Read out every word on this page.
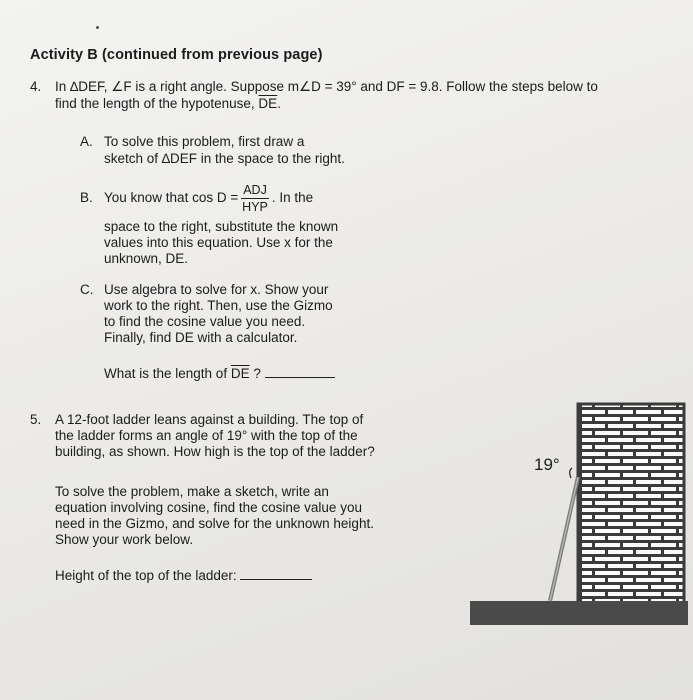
Activity B (continued from previous page)
4. In ∆DEF, ∠F is a right angle. Suppose m∠D = 39° and DF = 9.8. Follow the steps below to
find the length of the hypotenuse, $\overline{DE}$.
A. To solve this problem, first draw a
sketch of ∆DEF in the space to the right.
B. You know that $\cos D = \frac{\text{ADJ}}{\text{HYP}}$ . In the
space to the right, substitute the known
values into this equation. Use x for the
unknown, DE.
C. Use algebra to solve for x. Show your
work to the right. Then, use the Gizmo
to find the cosine value you need.
Finally, find DE with a calculator.
What is the length of $\overline{DE}$ ?
5. A 12-foot ladder leans against a building. The top of
the ladder forms an angle of 19° with the top of the
building, as shown. How high is the top of the ladder?
To solve the problem, make a sketch, write an
equation involving cosine, find the cosine value you
need in the Gizmo, and solve for the unknown height.
Show your work below.
Height of the top of the ladder:
19°
